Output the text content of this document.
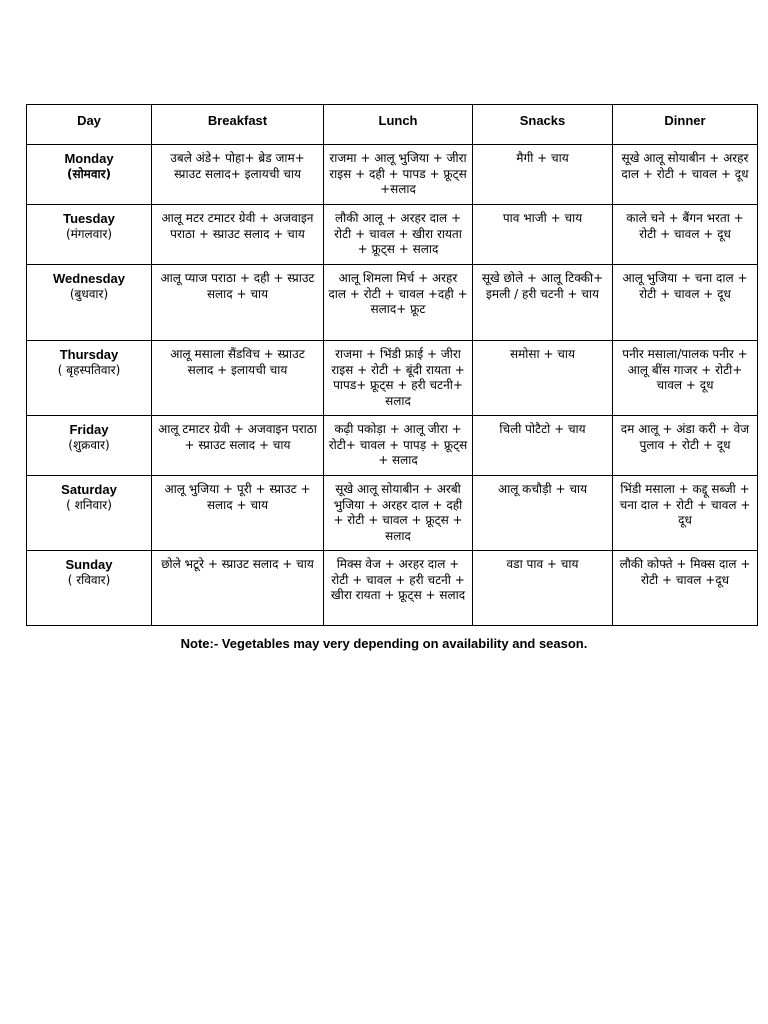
Day	Breakfast	Lunch	Snacks	Dinner

Monday
(सोमवार)	उबले अंडे+ पोहा+ ब्रेड जाम+ स्प्राउट सलाद+ इलायची चाय	राजमा + आलू भुजिया + जीरा राइस + दही + पापड + फ्रूट्स +सलाद	मैगी + चाय	सूखे आलू सोयाबीन + अरहर दाल + रोटी + चावल + दूध

Tuesday
(मंगलवार)	आलू मटर टमाटर ग्रेवी + अजवाइन पराठा + स्प्राउट सलाद + चाय	लौकी आलू + अरहर दाल + रोटी + चावल + खीरा रायता + फ्रूट्स + सलाद	पाव भाजी + चाय	काले चने + बैंगन भरता + रोटी + चावल + दूध

Wednesday
(बुधवार)	आलू प्याज पराठा + दही + स्प्राउट सलाद + चाय	आलू शिमला मिर्च + अरहर दाल + रोटी + चावल +दही + सलाद+ फ्रूट	सूखे छोले + आलू टिक्की+ इमली / हरी चटनी + चाय	आलू भुजिया + चना दाल + रोटी + चावल + दूध

Thursday
( बृहस्पतिवार)	आलू मसाला सैंडविच + स्प्राउट सलाद + इलायची चाय	राजमा + भिंडी फ्राई + जीरा राइस + रोटी + बूंदी रायता + पापड+ फ्रूट्स + हरी चटनी+ सलाद	समोसा + चाय	पनीर मसाला/पालक पनीर + आलू बींस गाजर + रोटी+ चावल + दूध

Friday
(शुक्रवार)	आलू टमाटर ग्रेवी + अजवाइन पराठा + स्प्राउट सलाद + चाय	कढ़ी पकोड़ा + आलू जीरा + रोटी+ चावल + पापड़ + फ्रूट्स + सलाद	चिली पोटैटो + चाय	दम आलू + अंडा करी + वेज पुलाव + रोटी + दूध

Saturday
( शनिवार)	आलू भुजिया + पूरी + स्प्राउट + सलाद + चाय	सूखे आलू सोयाबीन + अरबी भुजिया + अरहर दाल + दही + रोटी + चावल + फ्रूट्स + सलाद	आलू कचौड़ी + चाय	भिंडी मसाला + कद्दू सब्जी + चना दाल + रोटी + चावल + दूध

Sunday
( रविवार)	छोले भटूरे + स्प्राउट सलाद + चाय	मिक्स वेज + अरहर दाल + रोटी + चावल + हरी चटनी + खीरा रायता + फ्रूट्स + सलाद	वडा पाव + चाय	लौकी कोफ्ते + मिक्स दाल + रोटी + चावल +दूध
Note:- Vegetables may very depending on availability and season.
